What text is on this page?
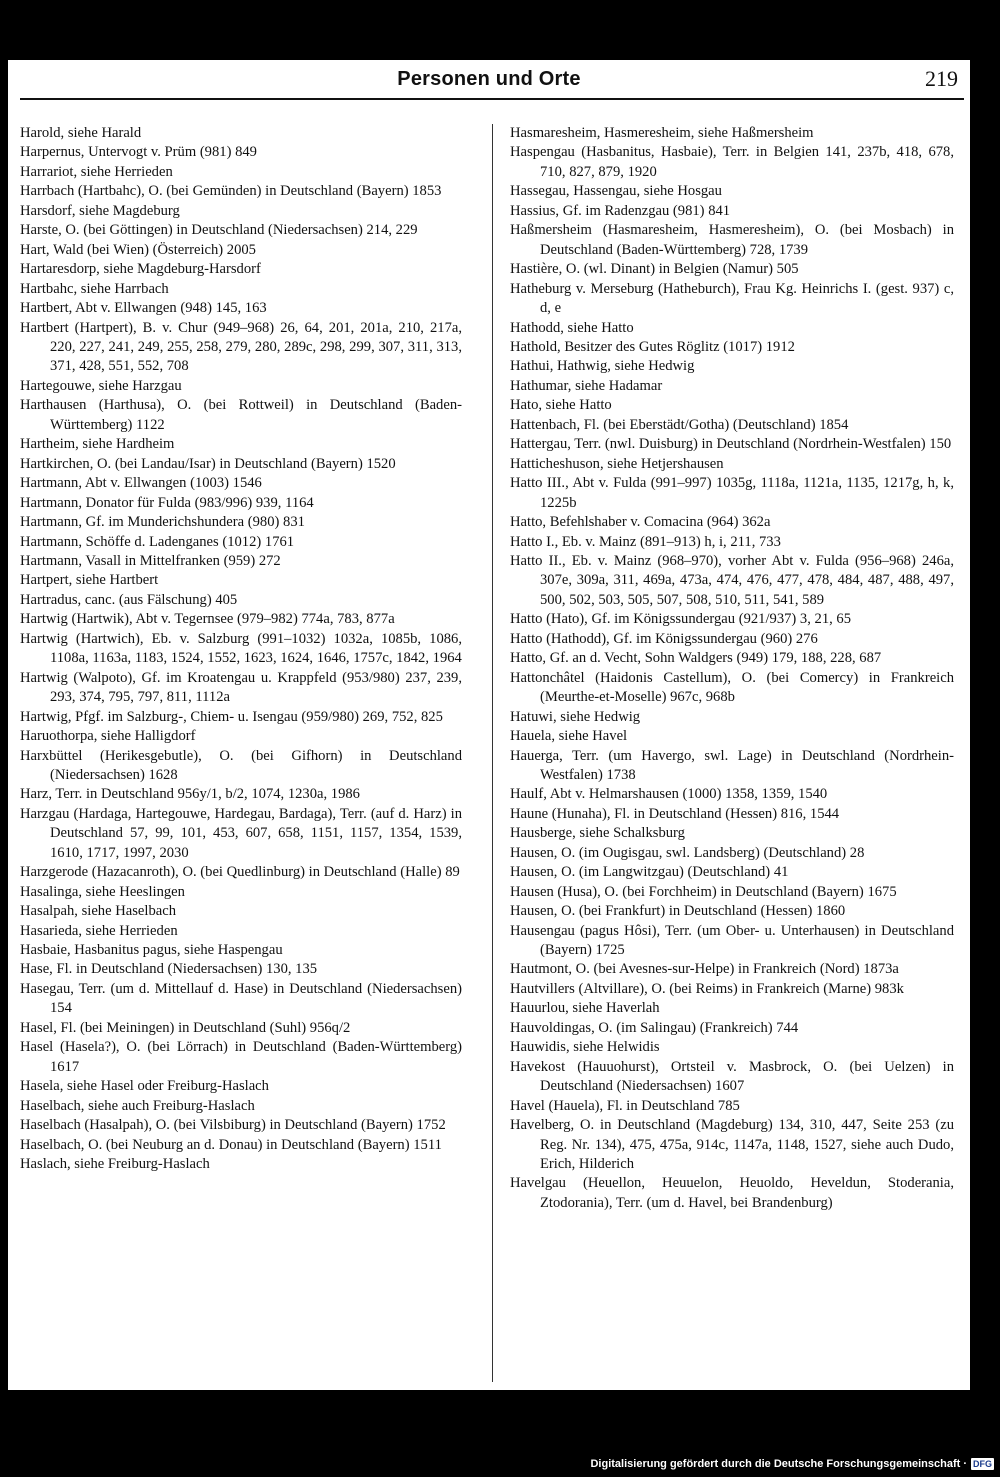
Personen und Orte	219

Harold, siehe Harald

Harpernus, Untervogt v. Prüm (981) 849

Harrariot, siehe Herrieden

Harrbach (Hartbahc), O. (bei Gemünden) in Deutschland (Bayern) 1853

Harsdorf, siehe Magdeburg

Harste, O. (bei Göttingen) in Deutschland (Niedersachsen) 214, 229

Hart, Wald (bei Wien) (Österreich) 2005

Hartaresdorp, siehe Magdeburg-Harsdorf

Hartbahc, siehe Harrbach

Hartbert, Abt v. Ellwangen (948) 145, 163

Hartbert (Hartpert), B. v. Chur (949–968) 26, 64, 201, 201a, 210, 217a, 220, 227, 241, 249, 255, 258, 279, 280, 289c, 298, 299, 307, 311, 313, 371, 428, 551, 552, 708

Hartegouwe, siehe Harzgau

Harthausen (Harthusa), O. (bei Rottweil) in Deutschland (Baden-Württemberg) 1122

Hartheim, siehe Hardheim

Hartkirchen, O. (bei Landau/Isar) in Deutschland (Bayern) 1520

Hartmann, Abt v. Ellwangen (1003) 1546

Hartmann, Donator für Fulda (983/996) 939, 1164

Hartmann, Gf. im Munderichshundera (980) 831

Hartmann, Schöffe d. Ladenganes (1012) 1761

Hartmann, Vasall in Mittelfranken (959) 272

Hartpert, siehe Hartbert

Hartradus, canc. (aus Fälschung) 405

Hartwig (Hartwik), Abt v. Tegernsee (979–982) 774a, 783, 877a

Hartwig (Hartwich), Eb. v. Salzburg (991–1032) 1032a, 1085b, 1086, 1108a, 1163a, 1183, 1524, 1552, 1623, 1624, 1646, 1757c, 1842, 1964

Hartwig (Walpoto), Gf. im Kroatengau u. Krappfeld (953/980) 237, 239, 293, 374, 795, 797, 811, 1112a

Hartwig, Pfgf. im Salzburg-, Chiem- u. Isengau (959/980) 269, 752, 825

Haruothorpa, siehe Halligdorf

Harxbüttel (Herikesgebutle), O. (bei Gifhorn) in Deutschland (Niedersachsen) 1628

Harz, Terr. in Deutschland 956y/1, b/2, 1074, 1230a, 1986

Harzgau (Hardaga, Hartegouwe, Hardegau, Bardaga), Terr. (auf d. Harz) in Deutschland 57, 99, 101, 453, 607, 658, 1151, 1157, 1354, 1539, 1610, 1717, 1997, 2030

Harzgerode (Hazacanroth), O. (bei Quedlinburg) in Deutschland (Halle) 89

Hasalinga, siehe Heeslingen

Hasalpah, siehe Haselbach

Hasarieda, siehe Herrieden

Hasbaie, Hasbanitus pagus, siehe Haspengau

Hase, Fl. in Deutschland (Niedersachsen) 130, 135

Hasegau, Terr. (um d. Mittellauf d. Hase) in Deutschland (Niedersachsen) 154

Hasel, Fl. (bei Meiningen) in Deutschland (Suhl) 956q/2

Hasel (Hasela?), O. (bei Lörrach) in Deutschland (Baden-Württemberg) 1617

Hasela, siehe Hasel oder Freiburg-Haslach

Haselbach, siehe auch Freiburg-Haslach

Haselbach (Hasalpah), O. (bei Vilsbiburg) in Deutschland (Bayern) 1752

Haselbach, O. (bei Neuburg an d. Donau) in Deutschland (Bayern) 1511

Haslach, siehe Freiburg-Haslach

Hasmaresheim, Hasmeresheim, siehe Haßmersheim

Haspengau (Hasbanitus, Hasbaie), Terr. in Belgien 141, 237b, 418, 678, 710, 827, 879, 1920

Hassegau, Hassengau, siehe Hosgau

Hassius, Gf. im Radenzgau (981) 841

Haßmersheim (Hasmaresheim, Hasmeresheim), O. (bei Mosbach) in Deutschland (Baden-Württemberg) 728, 1739

Hastière, O. (wl. Dinant) in Belgien (Namur) 505

Hatheburg v. Merseburg (Hatheburch), Frau Kg. Heinrichs I. (gest. 937) c, d, e

Hathodd, siehe Hatto

Hathold, Besitzer des Gutes Röglitz (1017) 1912

Hathui, Hathwig, siehe Hedwig

Hathumar, siehe Hadamar

Hato, siehe Hatto

Hattenbach, Fl. (bei Eberstädt/Gotha) (Deutschland) 1854

Hattergau, Terr. (nwl. Duisburg) in Deutschland (Nordrhein-Westfalen) 150

Hatticheshuson, siehe Hetjershausen

Hatto III., Abt v. Fulda (991–997) 1035g, 1118a, 1121a, 1135, 1217g, h, k, 1225b

Hatto, Befehlshaber v. Comacina (964) 362a

Hatto I., Eb. v. Mainz (891–913) h, i, 211, 733

Hatto II., Eb. v. Mainz (968–970), vorher Abt v. Fulda (956–968) 246a, 307e, 309a, 311, 469a, 473a, 474, 476, 477, 478, 484, 487, 488, 497, 500, 502, 503, 505, 507, 508, 510, 511, 541, 589

Hatto (Hato), Gf. im Königssundergau (921/937) 3, 21, 65

Hatto (Hathodd), Gf. im Königssundergau (960) 276

Hatto, Gf. an d. Vecht, Sohn Waldgers (949) 179, 188, 228, 687

Hattonchâtel (Haidonis Castellum), O. (bei Comercy) in Frankreich (Meurthe-et-Moselle) 967c, 968b

Hatuwi, siehe Hedwig

Hauela, siehe Havel

Hauerga, Terr. (um Havergo, swl. Lage) in Deutschland (Nordrhein-Westfalen) 1738

Haulf, Abt v. Helmarshausen (1000) 1358, 1359, 1540

Haune (Hunaha), Fl. in Deutschland (Hessen) 816, 1544

Hausberge, siehe Schalksburg

Hausen, O. (im Ougisgau, swl. Landsberg) (Deutschland) 28

Hausen, O. (im Langwitzgau) (Deutschland) 41

Hausen (Husa), O. (bei Forchheim) in Deutschland (Bayern) 1675

Hausen, O. (bei Frankfurt) in Deutschland (Hessen) 1860

Hausengau (pagus Hôsi), Terr. (um Ober- u. Unterhausen) in Deutschland (Bayern) 1725

Hautmont, O. (bei Avesnes-sur-Helpe) in Frankreich (Nord) 1873a

Hautvillers (Altvillare), O. (bei Reims) in Frankreich (Marne) 983k

Hauurlou, siehe Haverlah

Hauvoldingas, O. (im Salingau) (Frankreich) 744

Hauwidis, siehe Helwidis

Havekost (Hauuohurst), Ortsteil v. Masbrock, O. (bei Uelzen) in Deutschland (Niedersachsen) 1607

Havel (Hauela), Fl. in Deutschland 785

Havelberg, O. in Deutschland (Magdeburg) 134, 310, 447, Seite 253 (zu Reg. Nr. 134), 475, 475a, 914c, 1147a, 1148, 1527, siehe auch Dudo, Erich, Hilderich

Havelgau (Heuellon, Heuuelon, Heuoldo, Heveldun, Stoderania, Ztodorania), Terr. (um d. Havel, bei Brandenburg)

Digitalisierung gefördert durch die Deutsche Forschungsgemeinschaft · DFG
